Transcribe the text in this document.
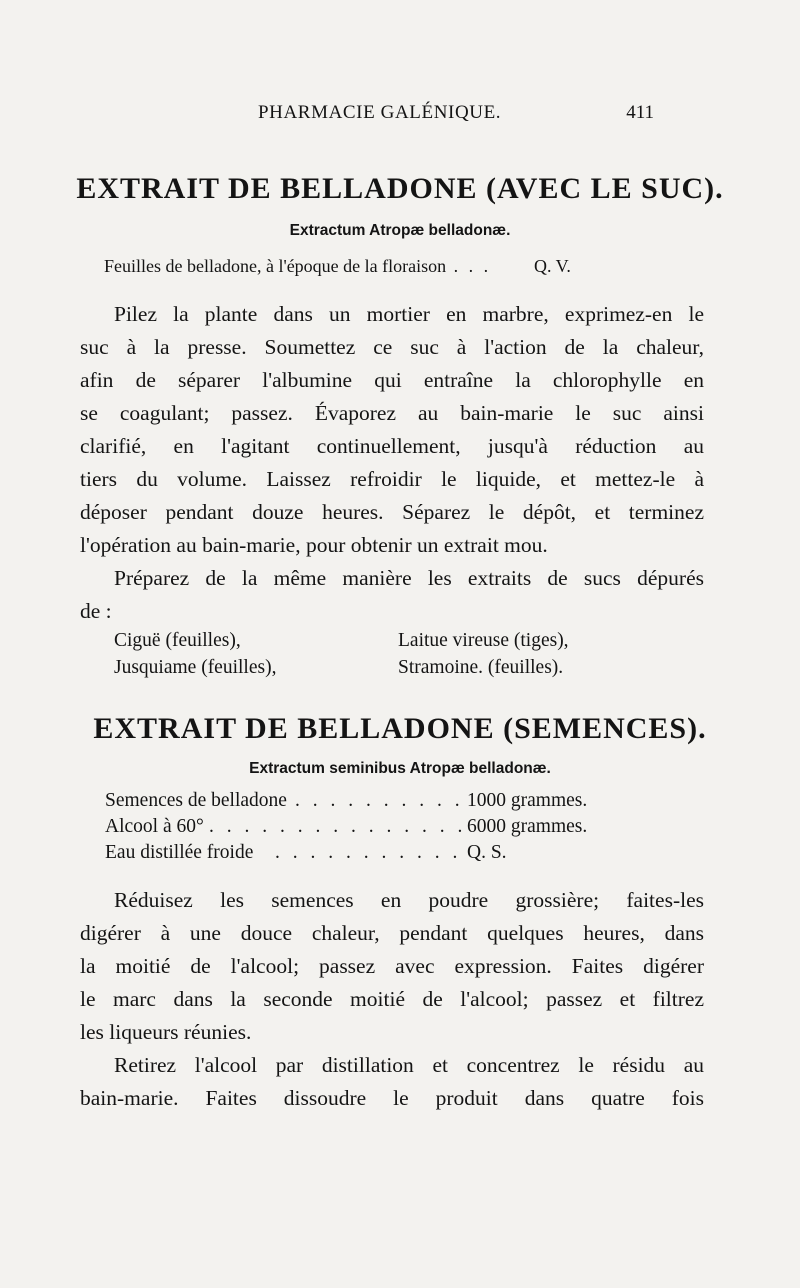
PHARMACIE GALÉNIQUE.	411
EXTRAIT DE BELLADONE (AVEC LE SUC).
Extractum Atropæ belladonæ.
Feuilles de belladone, à l'époque de la floraison . . . Q. V.
Pilez la plante dans un mortier en marbre, exprimez-en le
suc à la presse. Soumettez ce suc à l'action de la chaleur,
afin de séparer l'albumine qui entraîne la chlorophylle en
se coagulant; passez. Évaporez au bain-marie le suc ainsi
clarifié, en l'agitant continuellement, jusqu'à réduction au
tiers du volume. Laissez refroidir le liquide, et mettez-le à
déposer pendant douze heures. Séparez le dépôt, et terminez
l'opération au bain-marie, pour obtenir un extrait mou.
Préparez de la même manière les extraits de sucs dépurés
de :
Ciguë (feuilles),	Laitue vireuse (tiges),
Jusquiame (feuilles),	Stramoine. (feuilles).
EXTRAIT DE BELLADONE (SEMENCES).
Extractum seminibus Atropæ belladonæ.
Semences de belladone . . . . . . . . . . 1000 grammes.
Alcool à 60° . . . . . . . . . . . . . . . 6000 grammes.
Eau distillée froide . . . . . . . . . . . Q. S.
Réduisez les semences en poudre grossière; faites-les
digérer à une douce chaleur, pendant quelques heures, dans
la moitié de l'alcool; passez avec expression. Faites digérer
le marc dans la seconde moitié de l'alcool; passez et filtrez
les liqueurs réunies.
Retirez l'alcool par distillation et concentrez le résidu au
bain-marie. Faites dissoudre le produit dans quatre fois
